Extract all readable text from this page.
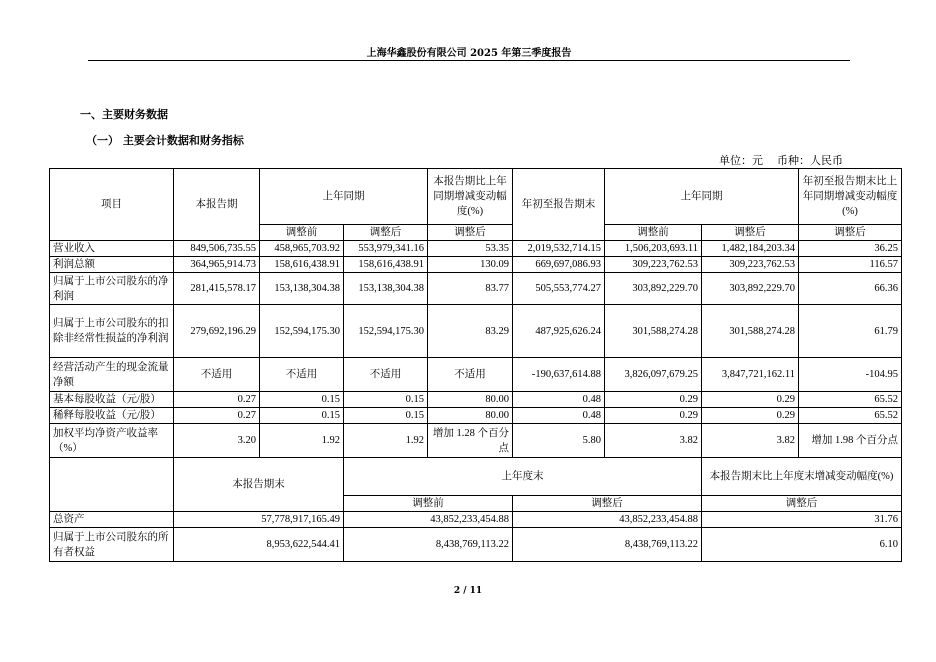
上海华鑫股份有限公司 2025 年第三季度报告
一、主要财务数据
（一） 主要会计数据和财务指标
单位：元 币种：人民币
项目	本报告期	上年同期		本报告期比上年同期增减变动幅度(%)	年初至报告期末	上年同期		年初至报告期末比上年同期增减变动幅度(%)
		调整前	调整后	调整后		调整前	调整后	调整后
营业收入	849,506,735.55	458,965,703.92	553,979,341.16	53.35	2,019,532,714.15	1,506,203,693.11	1,482,184,203.34	36.25
利润总额	364,965,914.73	158,616,438.91	158,616,438.91	130.09	669,697,086.93	309,223,762.53	309,223,762.53	116.57
归属于上市公司股东的净利润	281,415,578.17	153,138,304.38	153,138,304.38	83.77	505,553,774.27	303,892,229.70	303,892,229.70	66.36
归属于上市公司股东的扣除非经常性损益的净利润	279,692,196.29	152,594,175.30	152,594,175.30	83.29	487,925,626.24	301,588,274.28	301,588,274.28	61.79
经营活动产生的现金流量净额	不适用	不适用	不适用	不适用	-190,637,614.88	3,826,097,679.25	3,847,721,162.11	-104.95
基本每股收益（元/股）	0.27	0.15	0.15	80.00	0.48	0.29	0.29	65.52
稀释每股收益（元/股）	0.27	0.15	0.15	80.00	0.48	0.29	0.29	65.52
加权平均净资产收益率（%）	3.20	1.92	1.92	增加 1.28 个百分点	5.80	3.82	3.82	增加 1.98 个百分点
	本报告期末		上年度末				本报告期末比上年度末增减变动幅度(%)	
			调整前		调整后		调整后	
总资产	57,778,917,165.49		43,852,233,454.88		43,852,233,454.88		31.76	
归属于上市公司股东的所有者权益	8,953,622,544.41		8,438,769,113.22		8,438,769,113.22		6.10	
2 / 11
